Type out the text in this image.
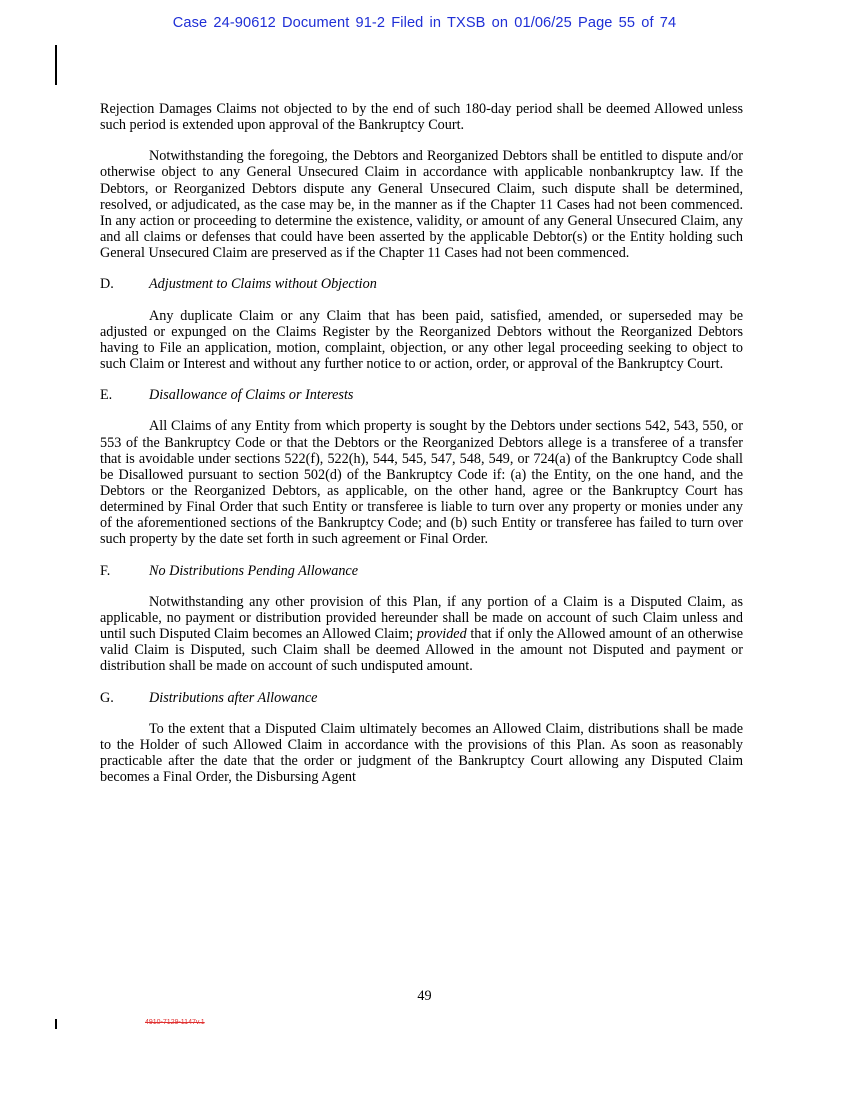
Case 24-90612 Document 91-2 Filed in TXSB on 01/06/25 Page 55 of 74

Rejection Damages Claims not objected to by the end of such 180-day period shall be deemed Allowed unless such period is extended upon approval of the Bankruptcy Court.

Notwithstanding the foregoing, the Debtors and Reorganized Debtors shall be entitled to dispute and/or otherwise object to any General Unsecured Claim in accordance with applicable nonbankruptcy law. If the Debtors, or Reorganized Debtors dispute any General Unsecured Claim, such dispute shall be determined, resolved, or adjudicated, as the case may be, in the manner as if the Chapter 11 Cases had not been commenced. In any action or proceeding to determine the existence, validity, or amount of any General Unsecured Claim, any and all claims or defenses that could have been asserted by the applicable Debtor(s) or the Entity holding such General Unsecured Claim are preserved as if the Chapter 11 Cases had not been commenced.

D.	Adjustment to Claims without Objection

Any duplicate Claim or any Claim that has been paid, satisfied, amended, or superseded may be adjusted or expunged on the Claims Register by the Reorganized Debtors without the Reorganized Debtors having to File an application, motion, complaint, objection, or any other legal proceeding seeking to object to such Claim or Interest and without any further notice to or action, order, or approval of the Bankruptcy Court.

E.	Disallowance of Claims or Interests

All Claims of any Entity from which property is sought by the Debtors under sections 542, 543, 550, or 553 of the Bankruptcy Code or that the Debtors or the Reorganized Debtors allege is a transferee of a transfer that is avoidable under sections 522(f), 522(h), 544, 545, 547, 548, 549, or 724(a) of the Bankruptcy Code shall be Disallowed pursuant to section 502(d) of the Bankruptcy Code if: (a) the Entity, on the one hand, and the Debtors or the Reorganized Debtors, as applicable, on the other hand, agree or the Bankruptcy Court has determined by Final Order that such Entity or transferee is liable to turn over any property or monies under any of the aforementioned sections of the Bankruptcy Code; and (b) such Entity or transferee has failed to turn over such property by the date set forth in such agreement or Final Order.

F.	No Distributions Pending Allowance

Notwithstanding any other provision of this Plan, if any portion of a Claim is a Disputed Claim, as applicable, no payment or distribution provided hereunder shall be made on account of such Claim unless and until such Disputed Claim becomes an Allowed Claim; provided that if only the Allowed amount of an otherwise valid Claim is Disputed, such Claim shall be deemed Allowed in the amount not Disputed and payment or distribution shall be made on account of such undisputed amount.

G.	Distributions after Allowance

To the extent that a Disputed Claim ultimately becomes an Allowed Claim, distributions shall be made to the Holder of such Allowed Claim in accordance with the provisions of this Plan. As soon as reasonably practicable after the date that the order or judgment of the Bankruptcy Court allowing any Disputed Claim becomes a Final Order, the Disbursing Agent

49
4910-7129-1147v.1
